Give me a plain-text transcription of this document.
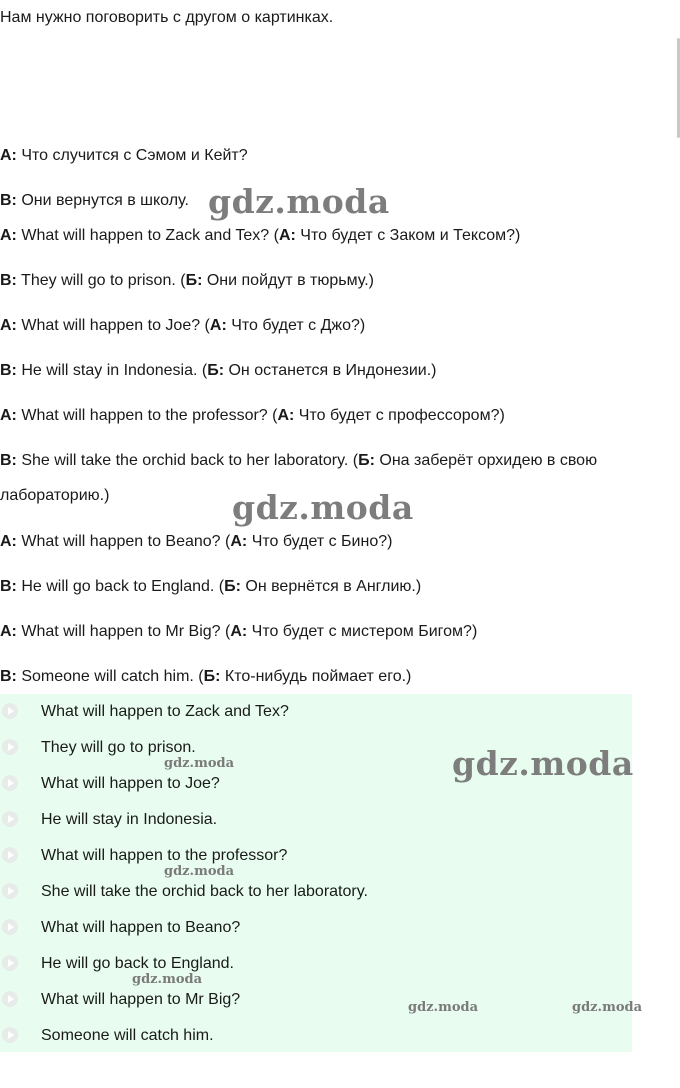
Нам нужно поговорить с другом о картинках.

A: Что случится с Сэмом и Кейт?

B: Они вернутся в школу.

A: What will happen to Zack and Tex? (A: Что будет с Заком и Тексом?)

B: They will go to prison. (Б: Они пойдут в тюрьму.)

A: What will happen to Joe? (A: Что будет с Джо?)

B: He will stay in Indonesia. (Б: Он останется в Индонезии.)

A: What will happen to the professor? (A: Что будет с профессором?)

B: She will take the orchid back to her laboratory. (Б: Она заберёт орхидею в свою лабораторию.)

A: What will happen to Beano? (A: Что будет с Бино?)

B: He will go back to England. (Б: Он вернётся в Англию.)

A: What will happen to Mr Big? (A: Что будет с мистером Бигом?)

B: Someone will catch him. (Б: Кто-нибудь поймает его.)

What will happen to Zack and Tex?
They will go to prison.
What will happen to Joe?
He will stay in Indonesia.
What will happen to the professor?
She will take the orchid back to her laboratory.
What will happen to Beano?
He will go back to England.
What will happen to Mr Big?
Someone will catch him.
gdz.moda
gdz.moda
gdz.moda
gdz.moda
gdz.moda
gdz.moda
gdz.moda	gdz.moda
